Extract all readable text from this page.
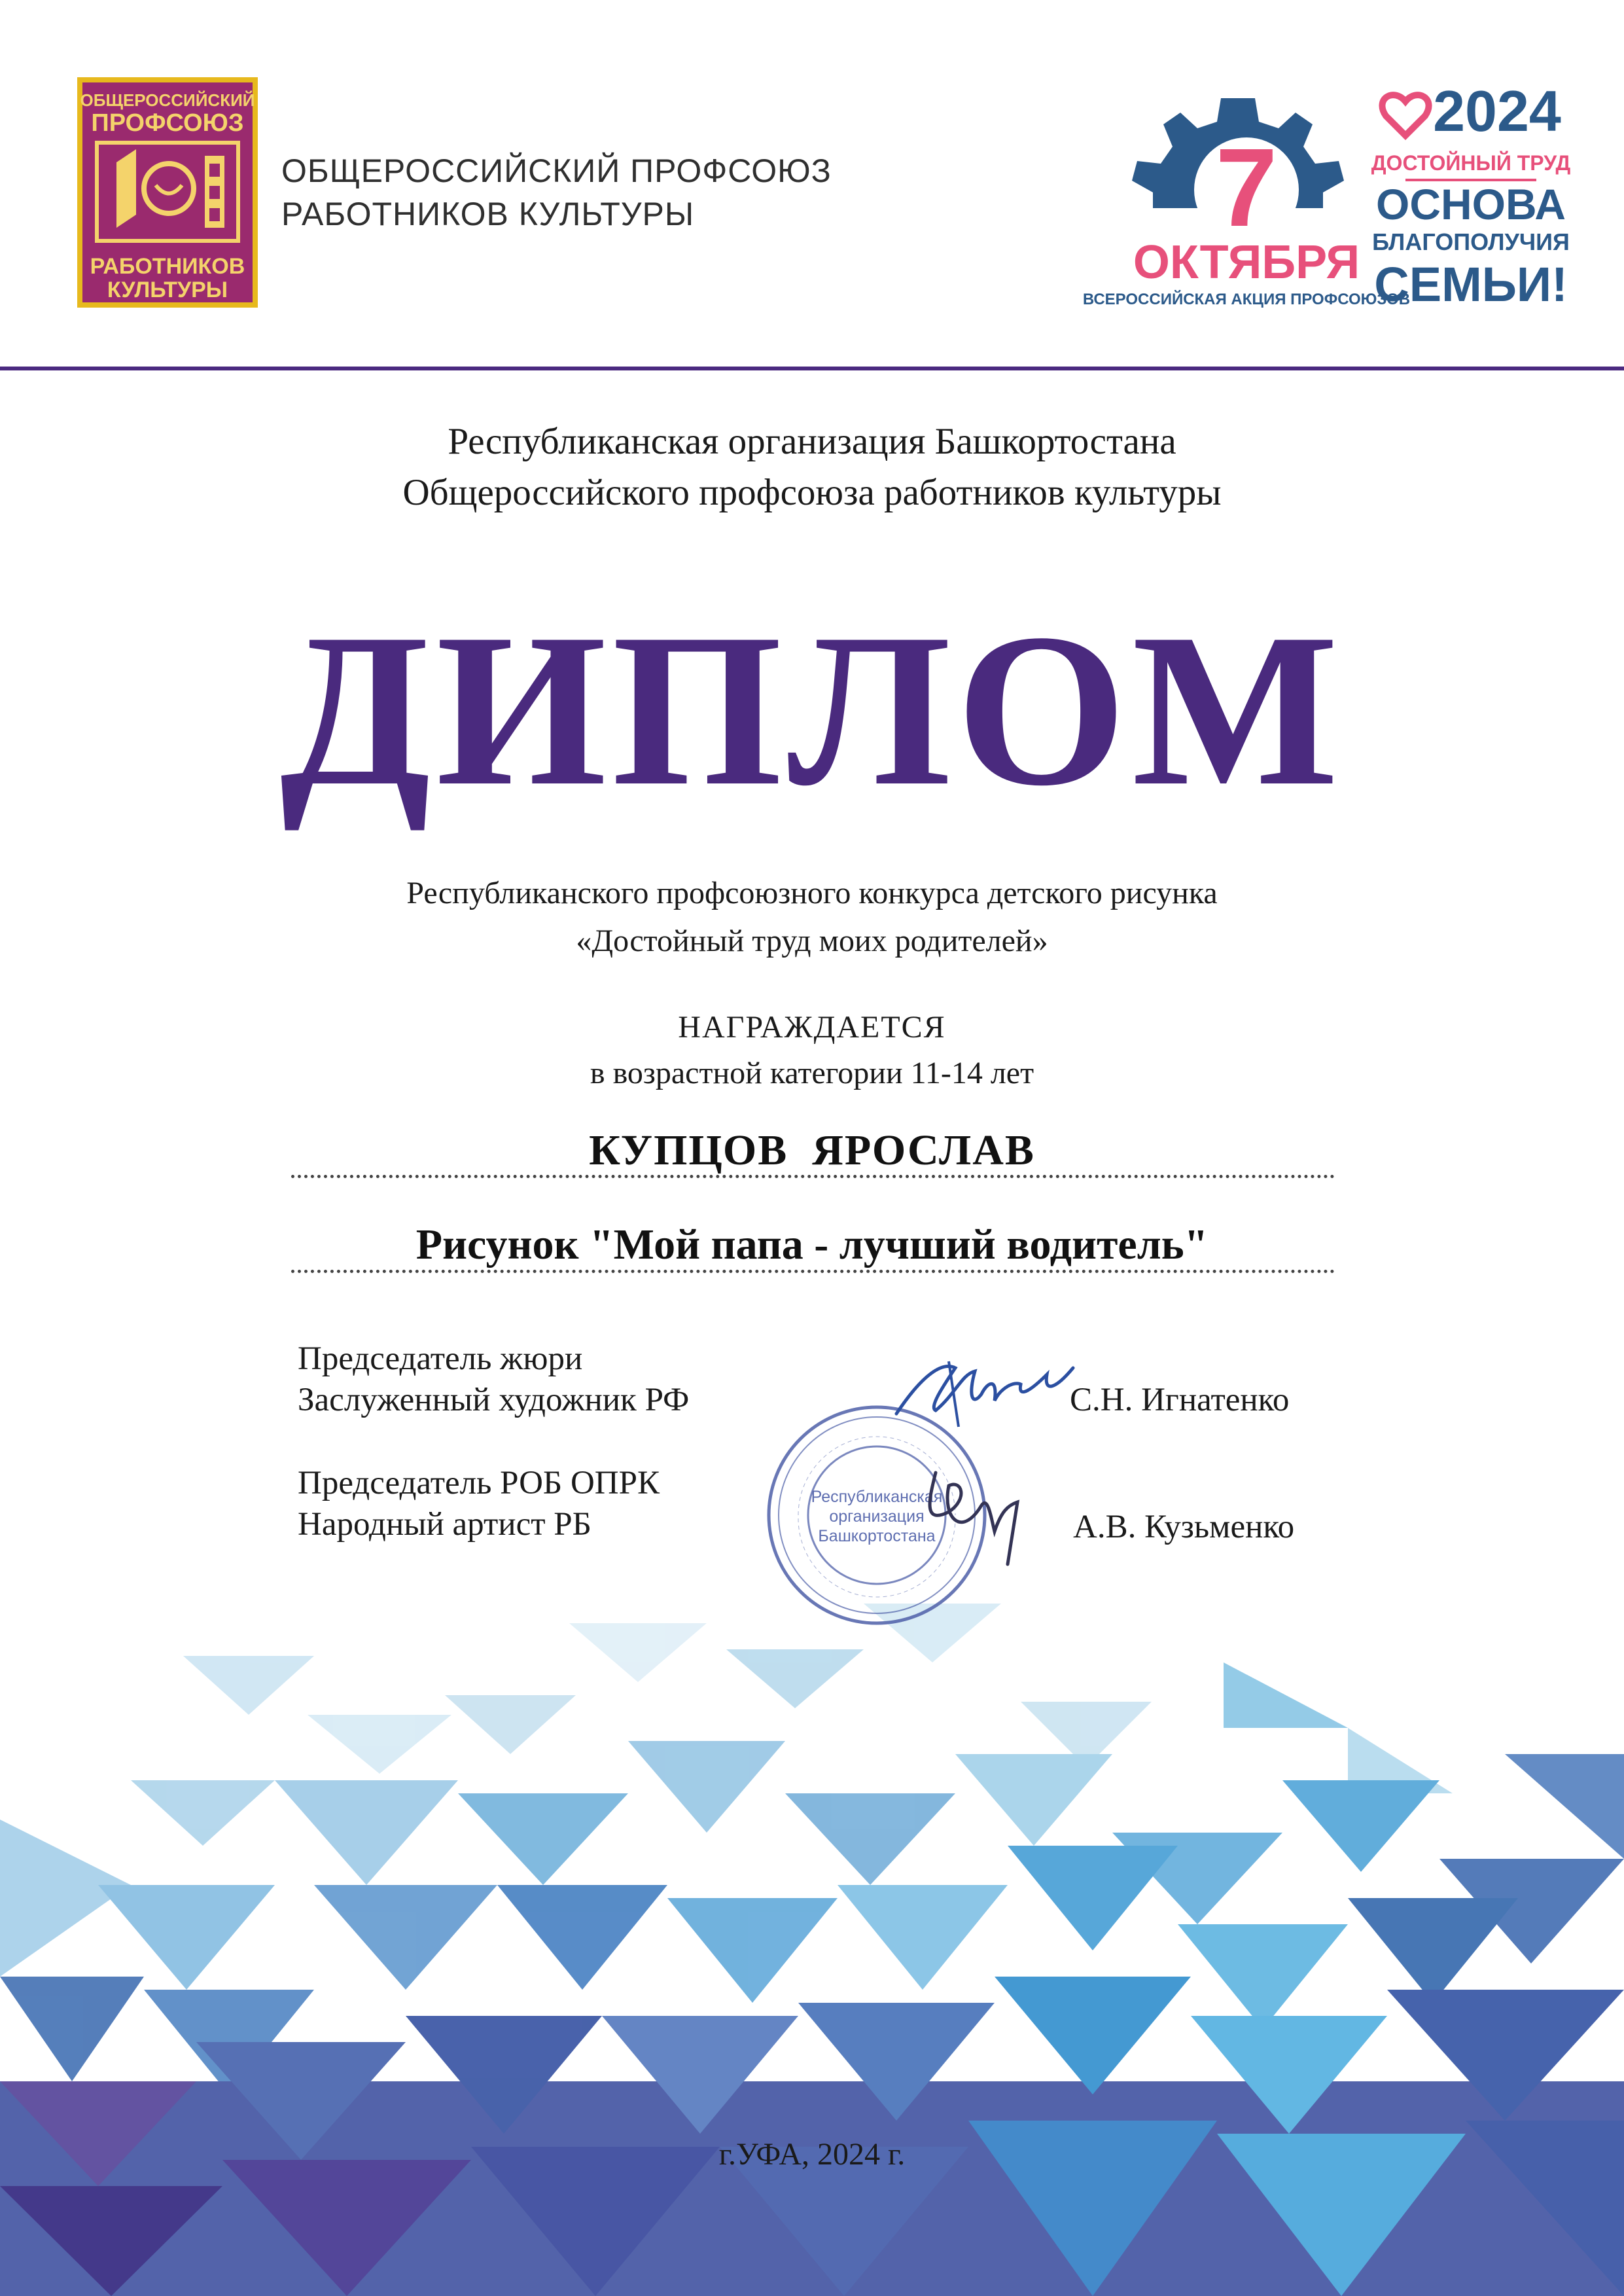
ОБЩЕРОССИЙСКИЙ
ПРОФСОЮЗ
РАБОТНИКОВ
КУЛЬТУРЫ
ОБЩЕРОССИЙСКИЙ ПРОФСОЮЗ
РАБОТНИКОВ КУЛЬТУРЫ	7
ОКТЯБРЯ
ВСЕРОССИЙСКАЯ АКЦИЯ ПРОФСОЮЗОВ
2024
ДОСТОЙНЫЙ ТРУД
ОСНОВА
БЛАГОПОЛУЧИЯ
СЕМЬИ!
Республиканская организация Башкортостана
Общероссийского профсоюза работников культуры
ДИПЛОМ
Республиканского профсоюзного конкурса детского рисунка
«Достойный труд моих родителей»
НАГРАЖДАЕТСЯ
в возрастной категории 11-14 лет
КУПЦОВ  ЯРОСЛАВ
Рисунок "Мой папа - лучший водитель"
г.УФА, 2024 г.
Председатель жюри
Заслуженный художник РФ	С.Н. Игнатенко
Председатель РОБ ОПРК
Народный артист РБ	А.В. Кузьменко
Республиканская
организация
Башкортостана
